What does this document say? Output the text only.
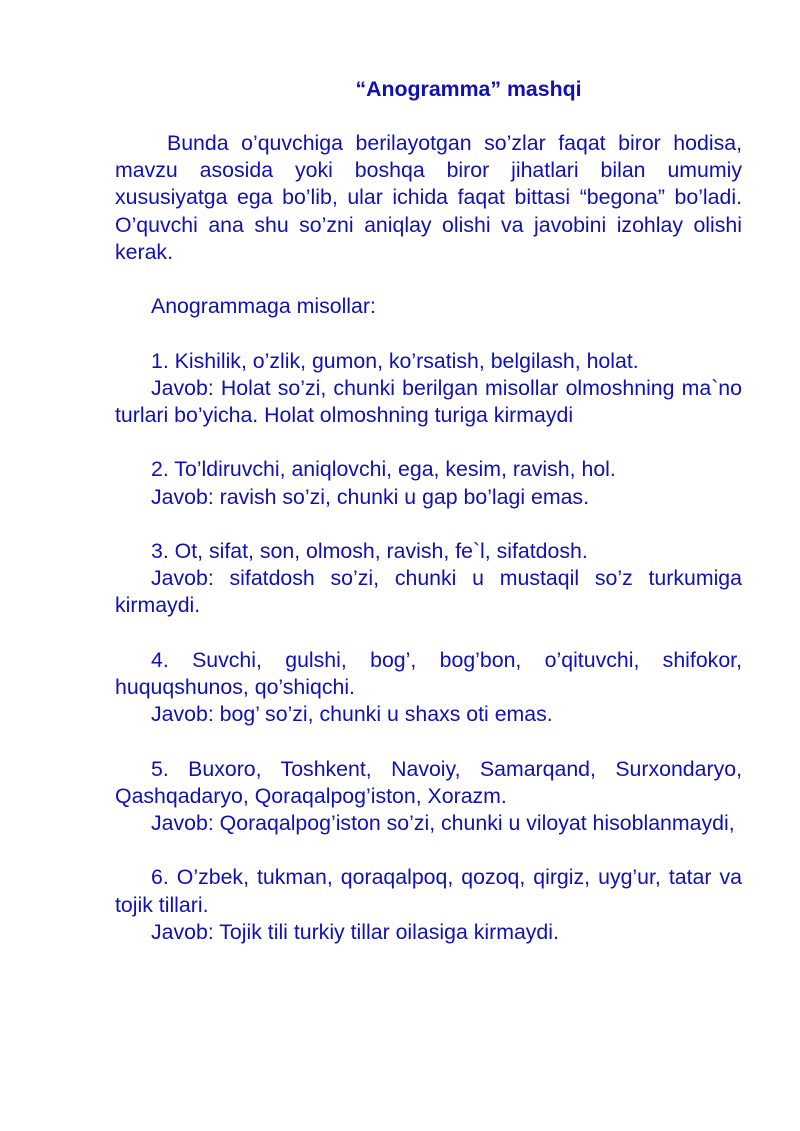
“Anogramma” mashqi

Bunda o’quvchiga berilayotgan so’zlar faqat biror hodisa, mavzu asosida yoki boshqa biror jihatlari bilan umumiy xususiyatga ega bo’lib, ular ichida faqat bittasi “begona” bo’ladi. O’quvchi ana shu so’zni aniqlay olishi va javobini izohlay olishi kerak.

Anogrammaga misollar:

1. Kishilik, o’zlik, gumon, ko’rsatish, belgilash, holat.

Javob: Holat so’zi, chunki berilgan misollar olmoshning ma`no turlari bo’yicha. Holat olmoshning turiga kirmaydi

2. To’ldiruvchi, aniqlovchi, ega, kesim, ravish, hol.

Javob: ravish so’zi, chunki u gap bo’lagi emas.

3. Ot, sifat, son, olmosh, ravish, fe`l, sifatdosh.

Javob: sifatdosh so’zi, chunki u mustaqil so’z turkumiga kirmaydi.

4. Suvchi, gulshi, bog’, bog’bon, o’qituvchi, shifokor, huquqshunos, qo’shiqchi.

Javob: bog’ so’zi, chunki u shaxs oti emas.

5. Buxoro, Toshkent, Navoiy, Samarqand, Surxondaryo, Qashqadaryo, Qoraqalpog’iston, Xorazm.

Javob: Qoraqalpog’iston so’zi, chunki u viloyat hisoblanmaydi,

6. O’zbek, tukman, qoraqalpoq, qozoq, qirgiz, uyg’ur, tatar va tojik tillari.

Javob: Tojik tili turkiy tillar oilasiga kirmaydi.
